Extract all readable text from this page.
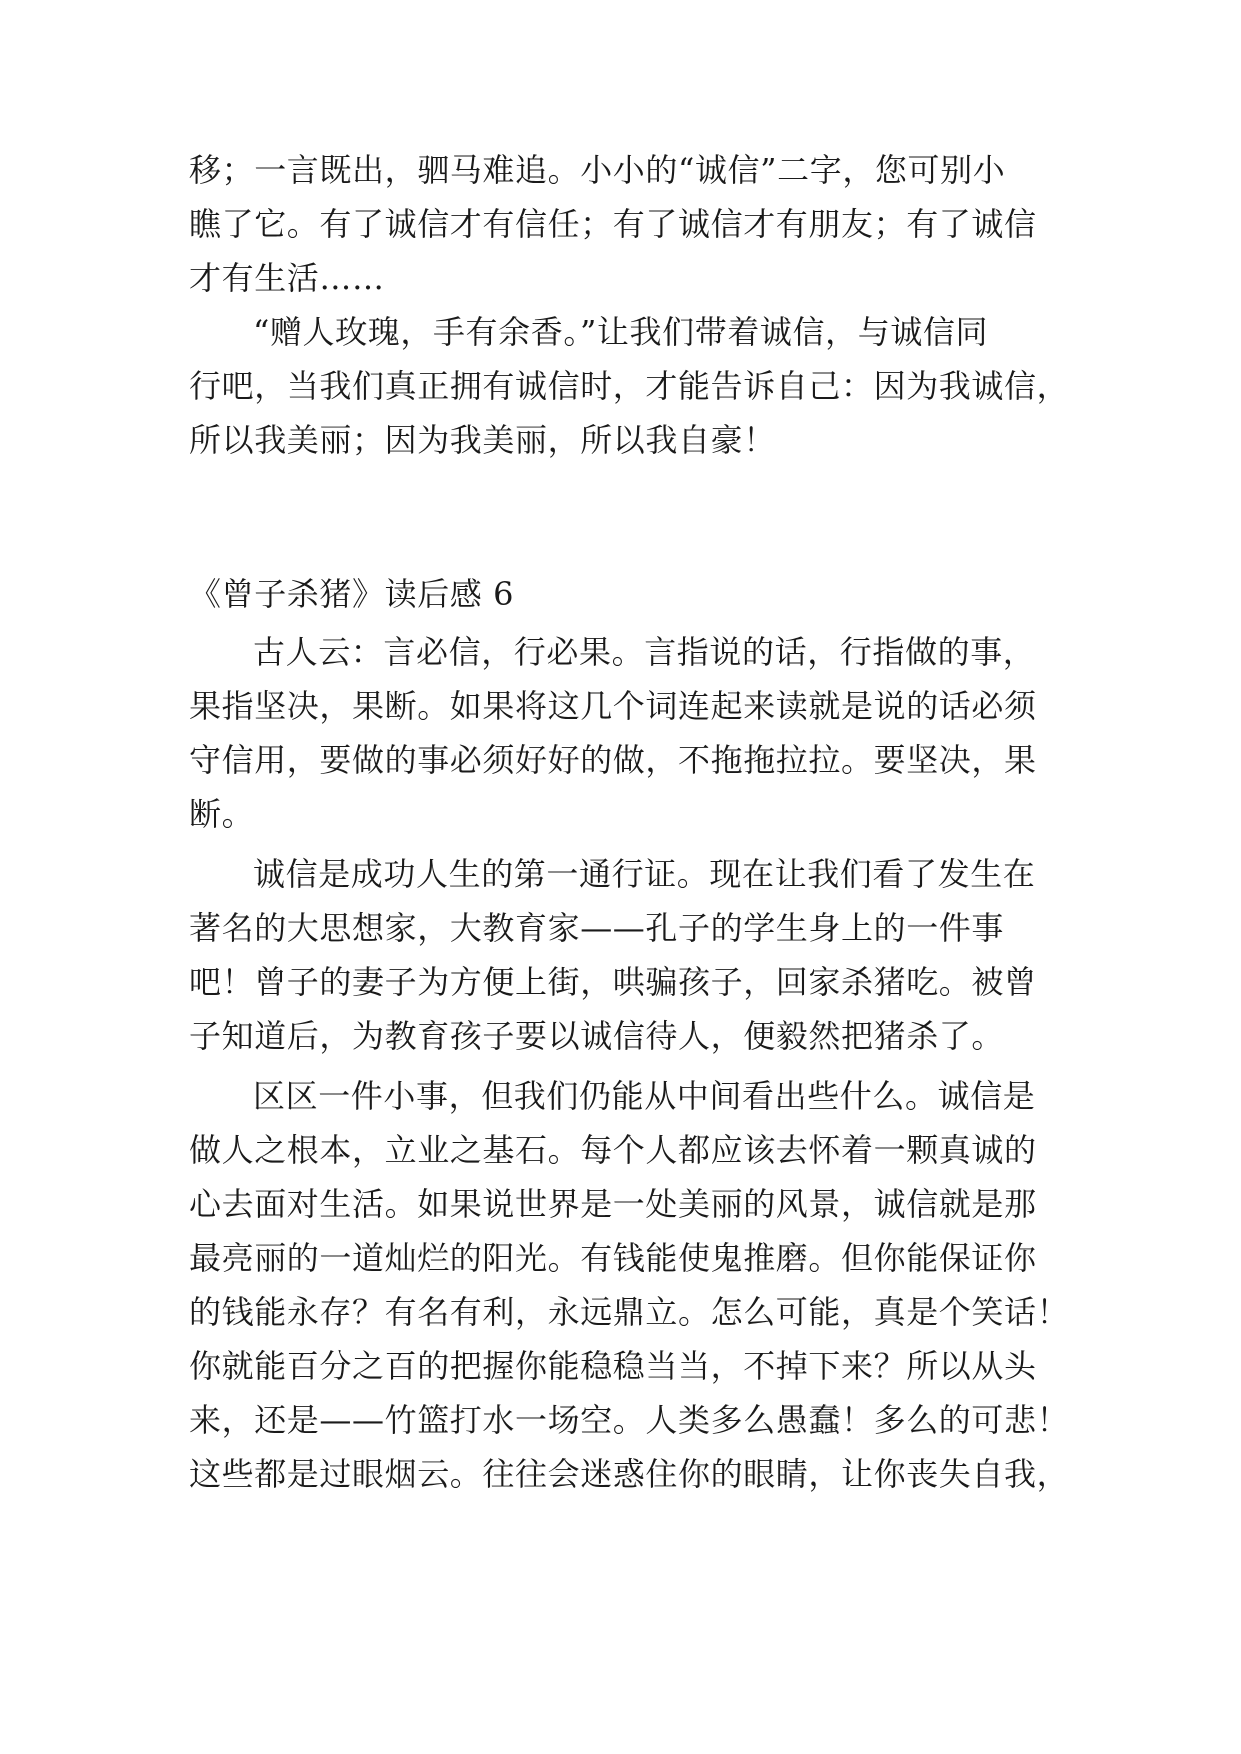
移；一言既出，驷马难追。小小的“诚信”二字，您可别小
瞧了它。有了诚信才有信任；有了诚信才有朋友；有了诚信
才有生活……
“赠人玫瑰，手有余香。”让我们带着诚信，与诚信同
行吧，当我们真正拥有诚信时，才能告诉自己：因为我诚信，
所以我美丽；因为我美丽，所以我自豪！
《曾子杀猪》读后感 6
古人云：言必信，行必果。言指说的话，行指做的事，
果指坚决，果断。如果将这几个词连起来读就是说的话必须
守信用，要做的事必须好好的做，不拖拖拉拉。要坚决，果
断。
诚信是成功人生的第一通行证。现在让我们看了发生在
著名的大思想家，大教育家——孔子的学生身上的一件事
吧！曾子的妻子为方便上街，哄骗孩子，回家杀猪吃。被曾
子知道后，为教育孩子要以诚信待人，便毅然把猪杀了。
区区一件小事，但我们仍能从中间看出些什么。诚信是
做人之根本，立业之基石。每个人都应该去怀着一颗真诚的
心去面对生活。如果说世界是一处美丽的风景，诚信就是那
最亮丽的一道灿烂的阳光。有钱能使鬼推磨。但你能保证你
的钱能永存？有名有利，永远鼎立。怎么可能，真是个笑话！
你就能百分之百的把握你能稳稳当当，不掉下来？所以从头
来，还是——竹篮打水一场空。人类多么愚蠢！多么的可悲！
这些都是过眼烟云。往往会迷惑住你的眼睛，让你丧失自我，
